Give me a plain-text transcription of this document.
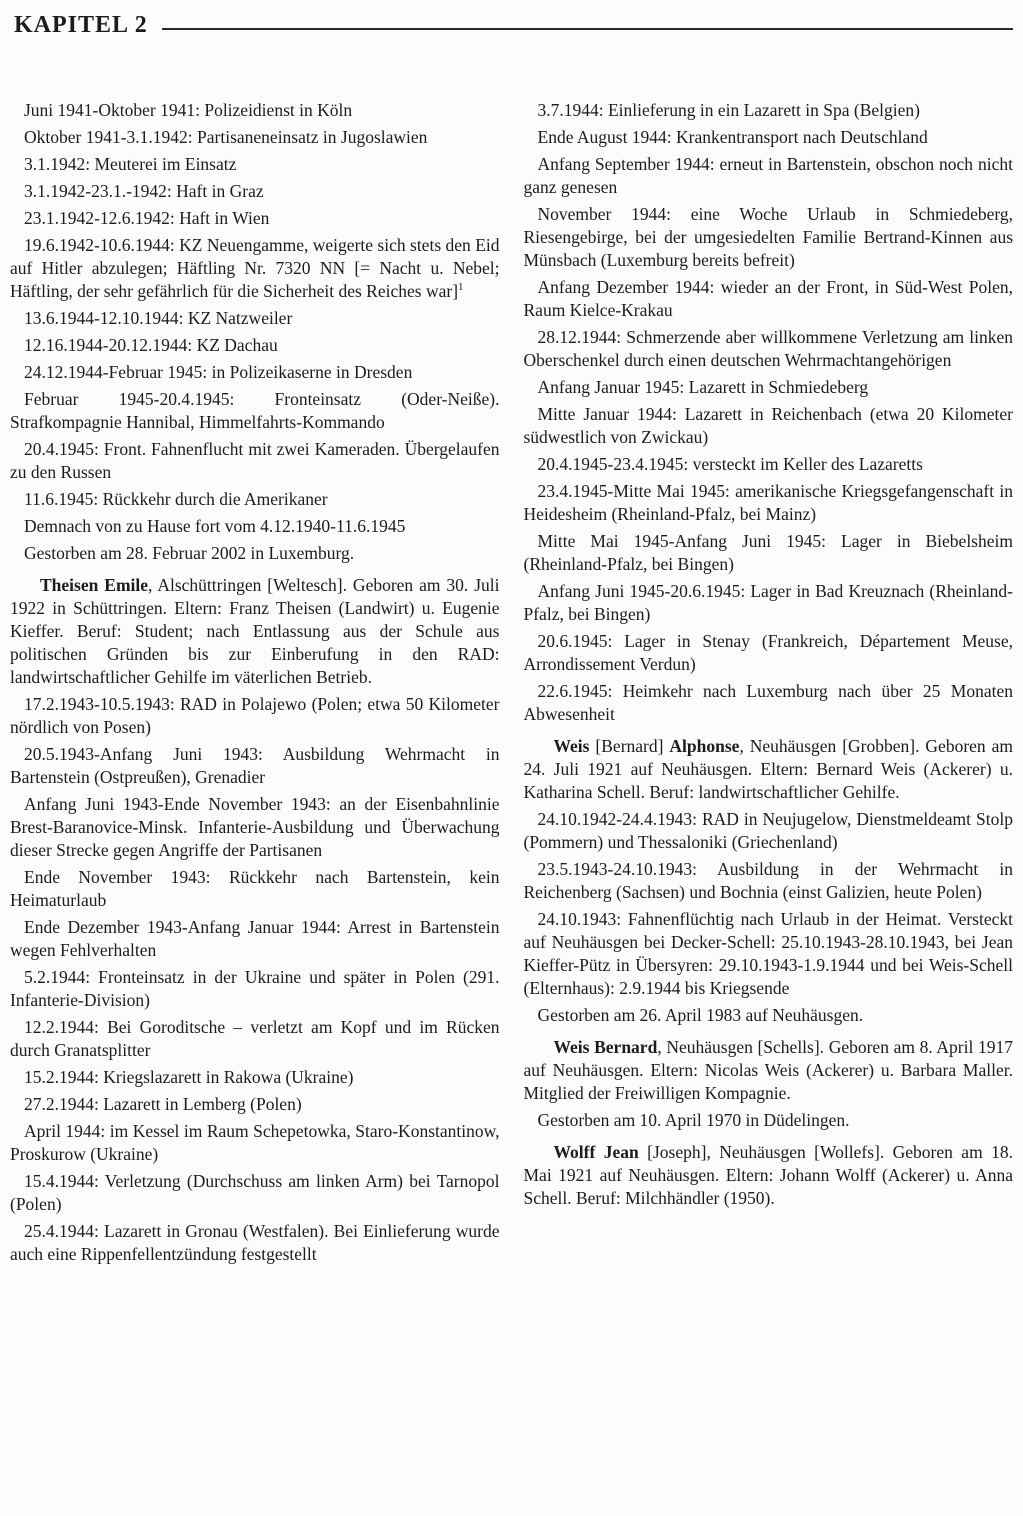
KAPITEL 2

Juni 1941-Oktober 1941: Polizeidienst in Köln

Oktober 1941-3.1.1942: Partisaneneinsatz in Jugoslawien

3.1.1942: Meuterei im Einsatz

3.1.1942-23.1.-1942: Haft in Graz

23.1.1942-12.6.1942: Haft in Wien

19.6.1942-10.6.1944: KZ Neuengamme, weigerte sich stets den Eid auf Hitler abzulegen; Häftling Nr. 7320 NN [= Nacht u. Nebel; Häftling, der sehr gefährlich für die Sicherheit des Reiches war]$^1$

13.6.1944-12.10.1944: KZ Natzweiler

12.16.1944-20.12.1944: KZ Dachau

24.12.1944-Februar 1945: in Polizeikaserne in Dresden

Februar 1945-20.4.1945: Fronteinsatz (Oder-Neiße). Strafkompagnie Hannibal, Himmelfahrts-Kommando

20.4.1945: Front. Fahnenflucht mit zwei Kameraden. Übergelaufen zu den Russen

11.6.1945: Rückkehr durch die Amerikaner

Demnach von zu Hause fort vom 4.12.1940-11.6.1945

Gestorben am 28. Februar 2002 in Luxemburg.

Theisen Emile, Alschüttringen [Weltesch]. Geboren am 30. Juli 1922 in Schüttringen. Eltern: Franz Theisen (Landwirt) u. Eugenie Kieffer. Beruf: Student; nach Entlassung aus der Schule aus politischen Gründen bis zur Einberufung in den RAD: landwirtschaftlicher Gehilfe im väterlichen Betrieb.

17.2.1943-10.5.1943: RAD in Polajewo (Polen; etwa 50 Kilometer nördlich von Posen)

20.5.1943-Anfang Juni 1943: Ausbildung Wehrmacht in Bartenstein (Ostpreußen), Grenadier

Anfang Juni 1943-Ende November 1943: an der Eisenbahnlinie Brest-Baranovice-Minsk. Infanterie-Ausbildung und Überwachung dieser Strecke gegen Angriffe der Partisanen

Ende November 1943: Rückkehr nach Bartenstein, kein Heimaturlaub

Ende Dezember 1943-Anfang Januar 1944: Arrest in Bartenstein wegen Fehlverhalten

5.2.1944: Fronteinsatz in der Ukraine und später in Polen (291. Infanterie-Division)

12.2.1944: Bei Goroditsche – verletzt am Kopf und im Rücken durch Granatsplitter

15.2.1944: Kriegslazarett in Rakowa (Ukraine)

27.2.1944: Lazarett in Lemberg (Polen)

April 1944: im Kessel im Raum Schepetowka, Staro-Konstantinow, Proskurow (Ukraine)

15.4.1944: Verletzung (Durchschuss am linken Arm) bei Tarnopol (Polen)

25.4.1944: Lazarett in Gronau (Westfalen). Bei Einlieferung wurde auch eine Rippenfellentzündung festgestellt

3.7.1944: Einlieferung in ein Lazarett in Spa (Belgien)

Ende August 1944: Krankentransport nach Deutschland

Anfang September 1944: erneut in Bartenstein, obschon noch nicht ganz genesen

November 1944: eine Woche Urlaub in Schmiedeberg, Riesengebirge, bei der umgesiedelten Familie Bertrand-Kinnen aus Münsbach (Luxemburg bereits befreit)

Anfang Dezember 1944: wieder an der Front, in Süd-West Polen, Raum Kielce-Krakau

28.12.1944: Schmerzende aber willkommene Verletzung am linken Oberschenkel durch einen deutschen Wehrmachtangehörigen

Anfang Januar 1945: Lazarett in Schmiedeberg

Mitte Januar 1944: Lazarett in Reichenbach (etwa 20 Kilometer südwestlich von Zwickau)

20.4.1945-23.4.1945: versteckt im Keller des Lazaretts

23.4.1945-Mitte Mai 1945: amerikanische Kriegsgefangenschaft in Heidesheim (Rheinland-Pfalz, bei Mainz)

Mitte Mai 1945-Anfang Juni 1945: Lager in Biebelsheim (Rheinland-Pfalz, bei Bingen)

Anfang Juni 1945-20.6.1945: Lager in Bad Kreuznach (Rheinland-Pfalz, bei Bingen)

20.6.1945: Lager in Stenay (Frankreich, Département Meuse, Arrondissement Verdun)

22.6.1945: Heimkehr nach Luxemburg nach über 25 Monaten Abwesenheit

Weis [Bernard] Alphonse, Neuhäusgen [Grobben]. Geboren am 24. Juli 1921 auf Neuhäusgen. Eltern: Bernard Weis (Ackerer) u. Katharina Schell. Beruf: landwirtschaftlicher Gehilfe.

24.10.1942-24.4.1943: RAD in Neujugelow, Dienstmeldeamt Stolp (Pommern) und Thessaloniki (Griechenland)

23.5.1943-24.10.1943: Ausbildung in der Wehrmacht in Reichenberg (Sachsen) und Bochnia (einst Galizien, heute Polen)

24.10.1943: Fahnenflüchtig nach Urlaub in der Heimat. Versteckt auf Neuhäusgen bei Decker-Schell: 25.10.1943-28.10.1943, bei Jean Kieffer-Pütz in Übersyren: 29.10.1943-1.9.1944 und bei Weis-Schell (Elternhaus): 2.9.1944 bis Kriegsende

Gestorben am 26. April 1983 auf Neuhäusgen.

Weis Bernard, Neuhäusgen [Schells]. Geboren am 8. April 1917 auf Neuhäusgen. Eltern: Nicolas Weis (Ackerer) u. Barbara Maller. Mitglied der Freiwilligen Kompagnie.

Gestorben am 10. April 1970 in Düdelingen.

Wolff Jean [Joseph], Neuhäusgen [Wollefs]. Geboren am 18. Mai 1921 auf Neuhäusgen. Eltern: Johann Wolff (Ackerer) u. Anna Schell. Beruf: Milchhändler (1950).
